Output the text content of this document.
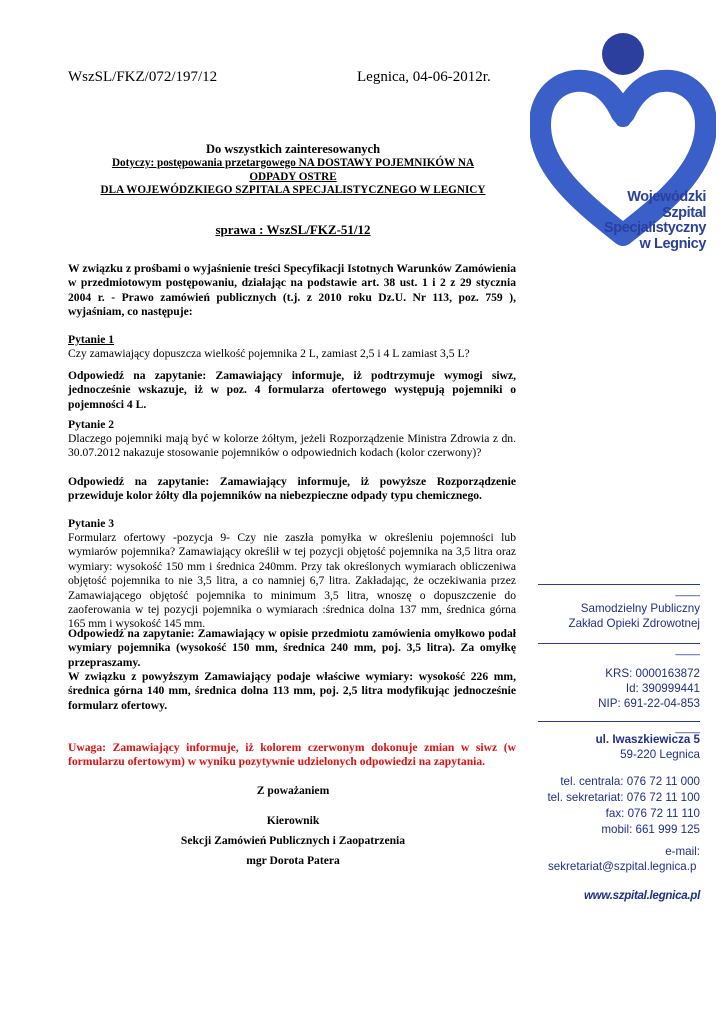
WszSL/FKZ/072/197/12	Legnica, 04-06-2012r.
Wojewódzki
Szpital
Specjalistyczny
w Legnicy
Do wszystkich zainteresowanych
Dotyczy: postępowania przetargowego NA DOSTAWY POJEMNIKÓW NA
ODPADY OSTRE
DLA WOJEWÓDZKIEGO SZPITALA SPECJALISTYCZNEGO W LEGNICY
sprawa : WszSL/FKZ-51/12

W związku z prośbami o wyjaśnienie treści Specyfikacji Istotnych Warunków Zamówienia w przedmiotowym postępowaniu, działając na podstawie art. 38 ust. 1 i 2 z 29 stycznia 2004 r. - Prawo zamówień publicznych (t.j. z 2010 roku Dz.U. Nr 113, poz. 759 ), wyjaśniam, co następuje:

Pytanie 1

Czy zamawiający dopuszcza wielkość pojemnika 2 L, zamiast 2,5 i 4 L zamiast 3,5 L?

Odpowiedź na zapytanie: Zamawiający informuje, iż podtrzymuje wymogi siwz, jednocześnie wskazuje, iż w poz. 4 formularza ofertowego występują pojemniki o pojemności 4 L.

Pytanie 2

Dlaczego pojemniki mają być w kolorze żółtym, jeżeli Rozporządzenie Ministra Zdrowia z dn. 30.07.2012 nakazuje stosowanie pojemników o odpowiednich kodach (kolor czerwony)?

Odpowiedź na zapytanie: Zamawiający informuje, iż powyższe Rozporządzenie przewiduje kolor żółty dla pojemników na niebezpieczne odpady typu chemicznego.

Pytanie 3

Formularz ofertowy -pozycja 9- Czy nie zaszła pomyłka w określeniu pojemności lub wymiarów pojemnika? Zamawiający określił w tej pozycji objętość pojemnika na 3,5 litra oraz wymiary: wysokość 150 mm i średnica 240mm. Przy tak określonych wymiarach obliczeniwa objętość pojemnika to nie 3,5 litra, a co namniej 6,7 litra. Zakładając, że oczekiwania przez Zamawiającego objętość pojemnika to minimum 3,5 litra, wnoszę o dopuszczenie do zaoferowania w tej pozycji pojemnika o wymiarach :średnica dolna 137 mm, średnica górna 165 mm i wysokość 145 mm.

Odpowiedź na zapytanie: Zamawiający w opisie przedmiotu zamówienia omyłkowo podał wymiary pojemnika (wysokość 150 mm, średnica 240 mm, poj. 3,5 litra). Za omyłkę przepraszamy.

W związku z powyższym Zamawiający podaje właściwe wymiary: wysokość 226 mm, średnica górna 140 mm, średnica dolna 113 mm, poj. 2,5 litra modyfikując jednocześnie formularz ofertowy.

Uwaga: Zamawiający informuje, iż kolorem czerwonym dokonuje zmian w siwz (w formularzu ofertowym) w wyniku pozytywnie udzielonych odpowiedzi na zapytania.

Z poważaniem
Kierownik
Sekcji Zamówień Publicznych i Zaopatrzenia
mgr Dorota Patera
____
Samodzielny Publiczny
Zakład Opieki Zdrowotnej
____
KRS: 0000163872
Id: 390999441
NIP: 691-22-04-853
____
ul. Iwaszkiewicza 5
59-220 Legnica
tel. centrala: 076 72 11 000
tel. sekretariat: 076 72 11 100
fax: 076 72 11 110
mobil: 661 999 125
e-mail:
sekretariat@szpital.legnica.p
www.szpital.legnica.pl
